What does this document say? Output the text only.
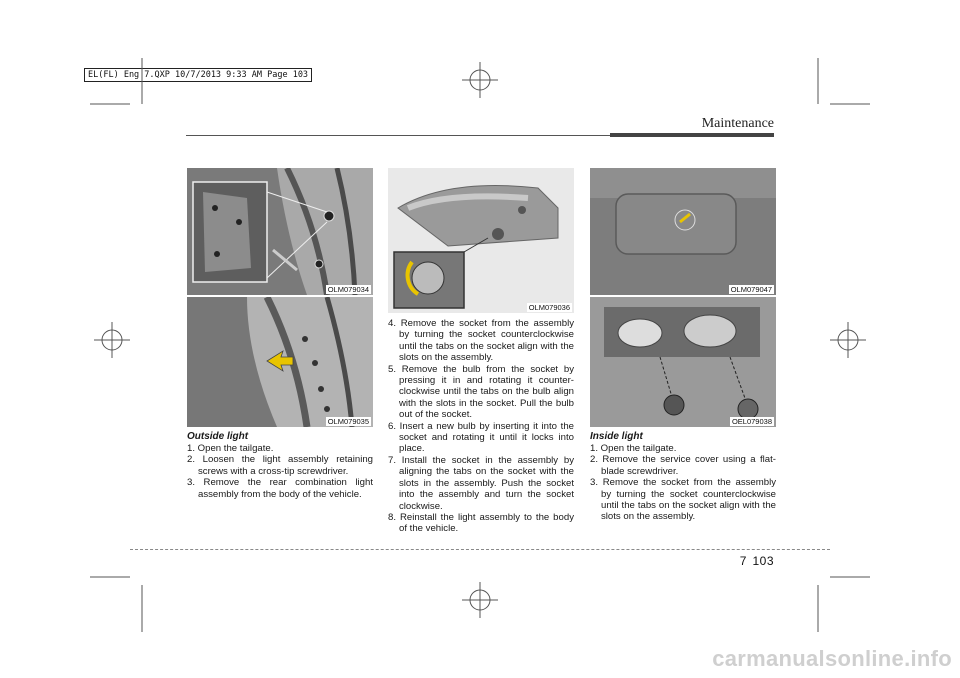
EL(FL) Eng 7.QXP 10/7/2013 9:33 AM Page 103
Maintenance
OLM079034
OLM079035
OLM079036
OLM079047
OEL079038
Outside light
1. Open the tailgate.
2. Loosen the light assembly retaining screws with a cross-tip screwdriver.
3. Remove the rear combination light assembly from the body of the vehicle.
4. Remove the socket from the assembly by turning the socket counterclockwise until the tabs on the socket align with the slots on the assembly.
5. Remove the bulb from the socket by pressing it in and rotating it counter-clockwise until the tabs on the bulb align with the slots in the socket. Pull the bulb out of the socket.
6. Insert a new bulb by inserting it into the socket and rotating it until it locks into place.
7. Install the socket in the assembly by aligning the tabs on the socket with the slots in the assembly. Push the socket into the assembly and turn the socket clockwise.
8. Reinstall the light assembly to the body of the vehicle.
Inside light
1. Open the tailgate.
2. Remove the service cover using a flat-blade screwdriver.
3. Remove the socket from the assembly by turning the socket counterclockwise until the tabs on the socket align with the slots on the assembly.
7 103
carmanualsonline.info
